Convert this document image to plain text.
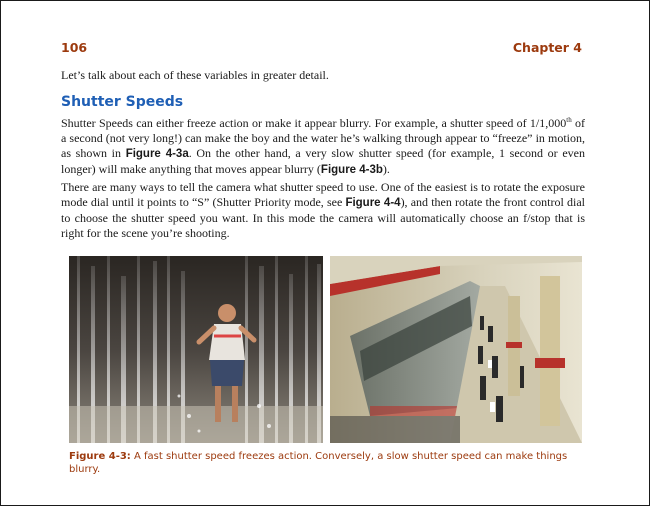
106	Chapter 4
Let’s talk about each of these variables in greater detail.
Shutter Speeds
Shutter Speeds can either freeze action or make it appear blurry. For example, a shutter speed of 1/1,000th of a second (not very long!) can make the boy and the water he’s walking through appear to “freeze” in motion, as shown in Figure 4-3a. On the other hand, a very slow shutter speed (for example, 1 second or even longer) will make anything that moves appear blurry (Figure 4-3b).
There are many ways to tell the camera what shutter speed to use. One of the easiest is to rotate the exposure mode dial until it points to “S” (Shutter Priority mode, see Figure 4-4), and then rotate the front control dial to choose the shutter speed you want. In this mode the camera will automatically choose an f/stop that is right for the scene you’re shooting.
Figure 4-3: A fast shutter speed freezes action. Conversely, a slow shutter speed can make things blurry.
